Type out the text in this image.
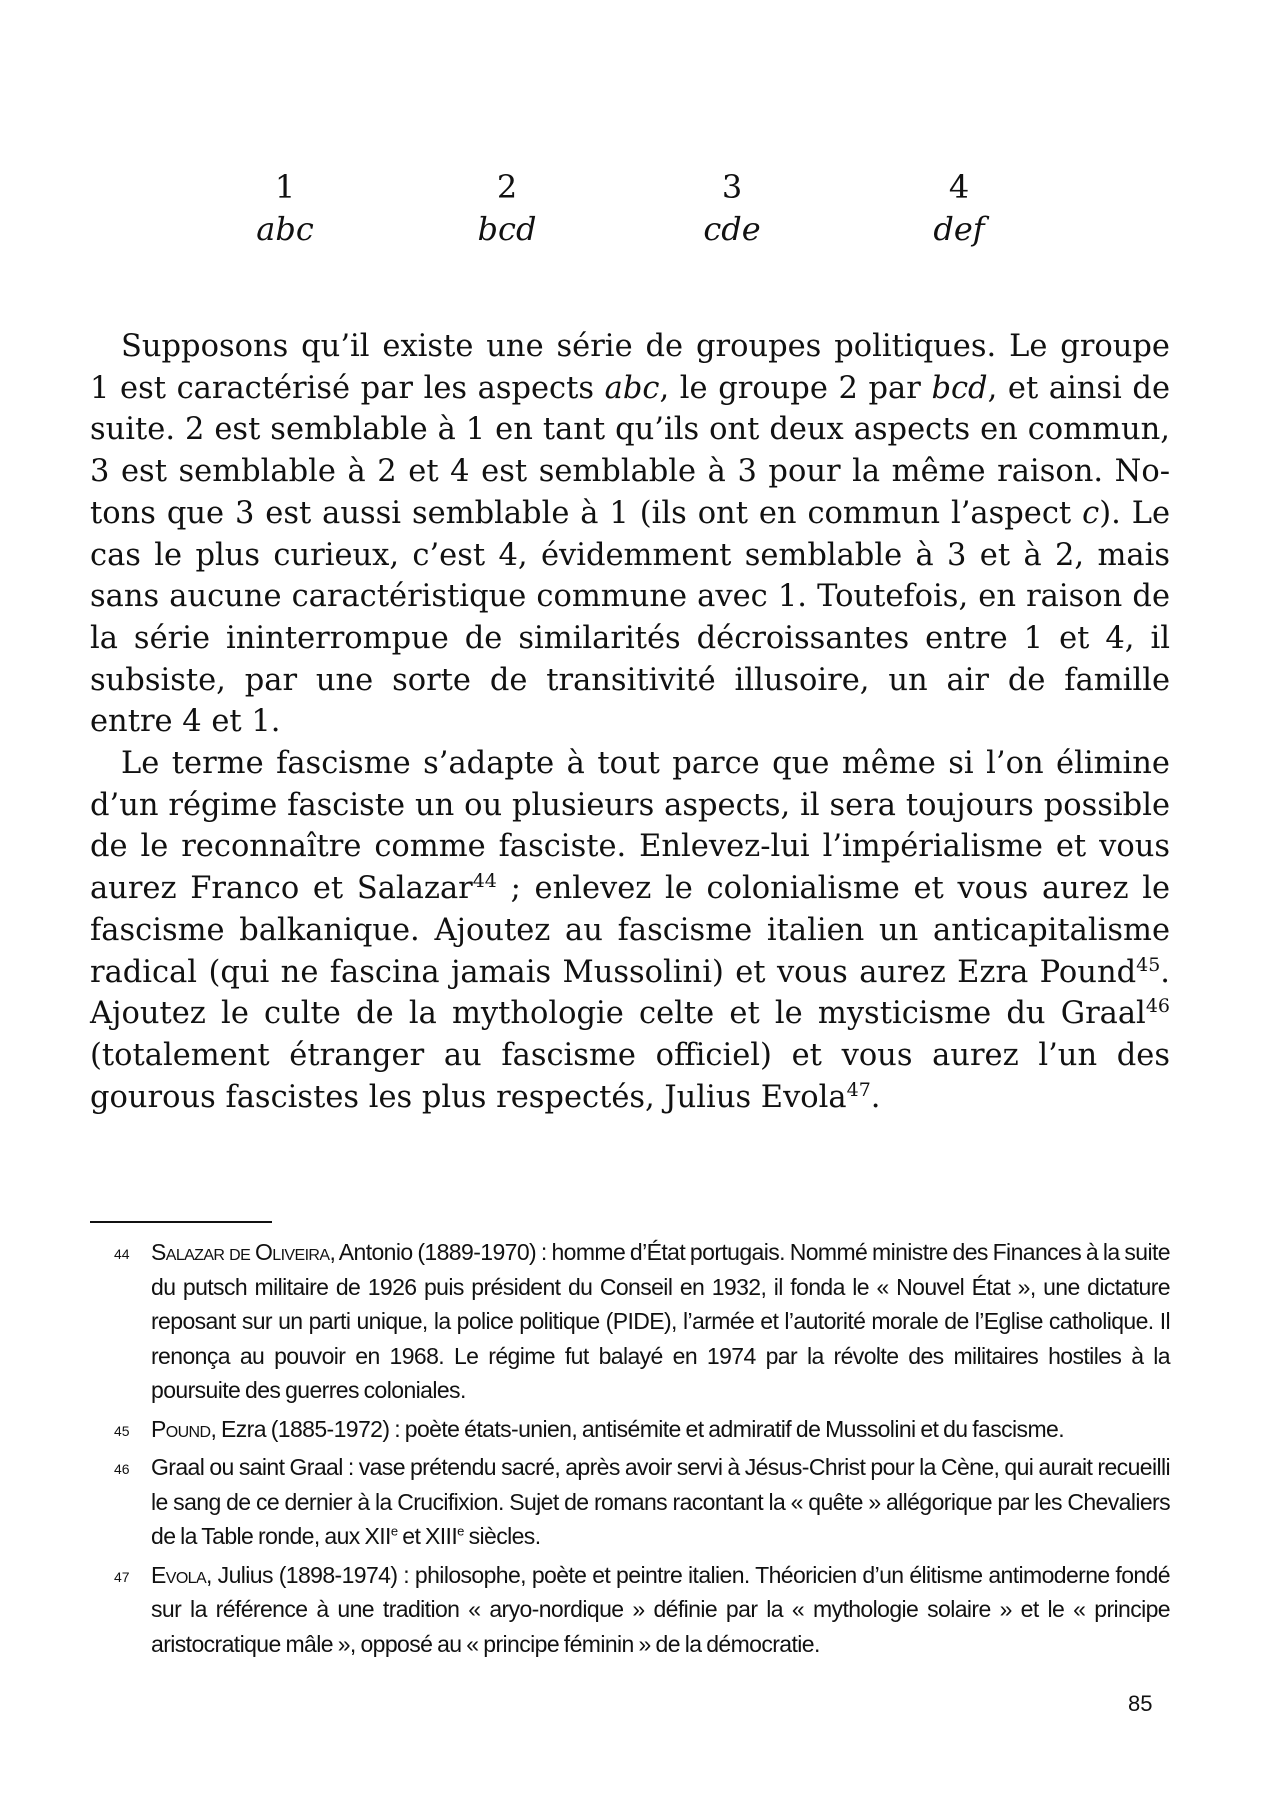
1
abc
2
bcd
3
cde
4
def

Supposons qu’il existe une série de groupes politiques. Le groupe 1 est caractérisé par les aspects abc, le groupe 2 par bcd, et ainsi de suite. 2 est semblable à 1 en tant qu’ils ont deux aspects en commun, 3 est semblable à 2 et 4 est semblable à 3 pour la même raison. Notons que 3 est aussi semblable à 1 (ils ont en commun l’aspect c). Le cas le plus curieux, c’est 4, évidemment semblable à 3 et à 2, mais sans aucune caractéristique commune avec 1. Toutefois, en raison de la série ininterrompue de similarités décroissantes entre 1 et 4, il subsiste, par une sorte de transitivité illusoire, un air de famille entre 4 et 1.

Le terme fascisme s’adapte à tout parce que même si l’on élimine d’un régime fasciste un ou plusieurs aspects, il sera toujours possible de le reconnaître comme fasciste. Enlevez-lui l’impérialisme et vous aurez Franco et Salazar$^{44}$ ; enlevez le colonialisme et vous aurez le fascisme balkanique. Ajoutez au fascisme italien un anticapitalisme radical (qui ne fascina jamais Mussolini) et vous aurez Ezra Pound$^{45}$. Ajoutez le culte de la mythologie celte et le mysticisme du Graal$^{46}$ (totalement étranger au fascisme officiel) et vous aurez l’un des gourous fascistes les plus respectés, Julius Evola$^{47}$.

44 Salazar de Oliveira, Antonio (1889-1970) : homme d’État portugais. Nommé ministre des Finances à la suite du putsch militaire de 1926 puis président du Conseil en 1932, il fonda le « Nouvel État », une dictature reposant sur un parti unique, la police politique (PIDE), l’armée et l’autorité morale de l’Eglise catholique. Il renonça au pouvoir en 1968. Le régime fut balayé en 1974 par la révolte des militaires hostiles à la poursuite des guerres coloniales.
45 Pound, Ezra (1885-1972) : poète états-unien, antisémite et admiratif de Mussolini et du fascisme.
46 Graal ou saint Graal : vase prétendu sacré, après avoir servi à Jésus-Christ pour la Cène, qui aurait recueilli le sang de ce dernier à la Crucifixion. Sujet de romans racontant la « quête » allégorique par les Chevaliers de la Table ronde, aux XIIe et XIIIe siècles.
47 Evola, Julius (1898-1974) : philosophe, poète et peintre italien. Théoricien d’un élitisme antimoderne fondé sur la référence à une tradition « aryo-nordique » définie par la « mythologie solaire » et le « principe aristocratique mâle », opposé au « principe féminin » de la démocratie.
85
